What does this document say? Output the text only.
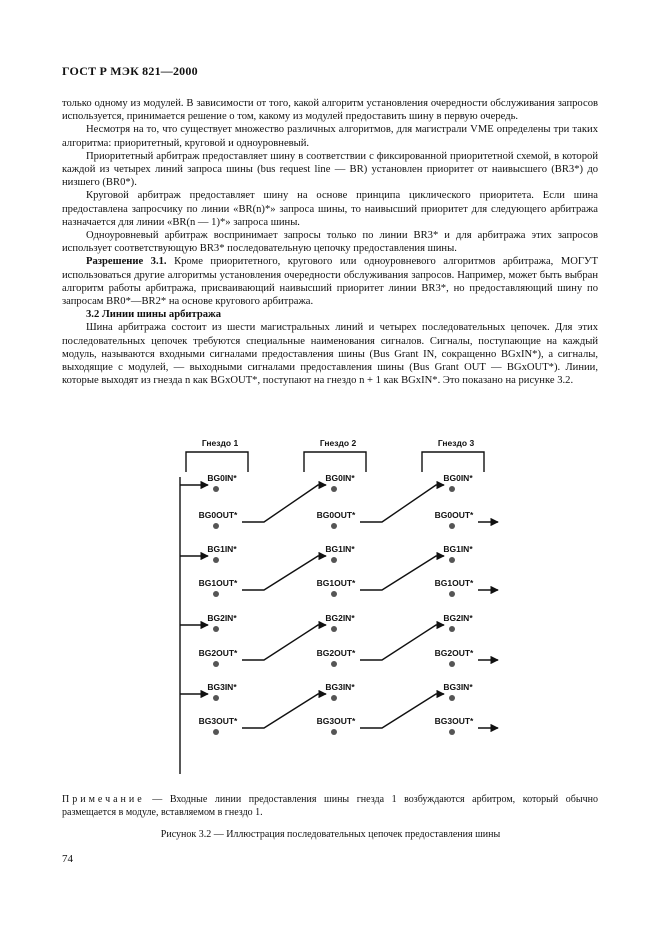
ГОСТ Р МЭК 821—2000

только одному из модулей. В зависимости от того, какой алгоритм установления очередности обслуживания запросов используется, принимается решение о том, какому из модулей предоставить шину в первую очередь.

Несмотря на то, что существует множество различных алгоритмов, для магистрали VME определены три таких алгоритма: приоритетный, круговой и одноуровневый.

Приоритетный арбитраж предоставляет шину в соответствии с фиксированной приоритетной схемой, в которой каждой из четырех линий запроса шины (bus request line — BR) установлен приоритет от наивысшего (BR3*) до низшего (BR0*).

Круговой арбитраж предоставляет шину на основе принципа циклического приоритета. Если шина предоставлена запросчику по линии «BR(n)*» запроса шины, то наивысший приоритет для следующего арбитража назначается для линии «BR(n — 1)*» запроса шины.

Одноуровневый арбитраж воспринимает запросы только по линии BR3* и для арбитража этих запросов использует соответствующую BR3* последовательную цепочку предоставления шины.

Разрешение 3.1. Кроме приоритетного, кругового или одноуровневого алгоритмов арбитража, МОГУТ использоваться другие алгоритмы установления очередности обслуживания запросов. Например, может быть выбран алгоритм работы арбитража, присваивающий наивысший приоритет линии BR3*, но предоставляющий шину по запросам BR0*—BR2* на основе кругового арбитража.

3.2 Линии шины арбитража

Шина арбитража состоит из шести магистральных линий и четырех последовательных цепочек. Для этих последовательных цепочек требуются специальные наименования сигналов. Сигналы, поступающие на каждый модуль, называются входными сигналами предоставления шины (Bus Grant IN, сокращенно BGxIN*), а сигналы, выходящие с модулей, — выходными сигналами предоставления шины (Bus Grant OUT — BGxOUT*). Линии, которые выходят из гнезда n как BGxOUT*, поступают на гнездо n + 1 как BGxIN*. Это показано на рисунке 3.2.

Гнездо 1	Гнездо 2	Гнездо 3
BG0IN*
BG0OUT*
BG0IN*
BG0OUT*
BG0IN*
BG0OUT*
BG1IN*
BG1OUT*
BG1IN*
BG1OUT*
BG1IN*
BG1OUT*
BG2IN*
BG2OUT*
BG2IN*
BG2OUT*
BG2IN*
BG2OUT*
BG3IN*
BG3OUT*
BG3IN*
BG3OUT*
BG3IN*
BG3OUT*
Примечание — Входные линии предоставления шины гнезда 1 возбуждаются арбитром, который обычно размещается в модуле, вставляемом в гнездо 1.
Рисунок 3.2 — Иллюстрация последовательных цепочек предоставления шины
74
